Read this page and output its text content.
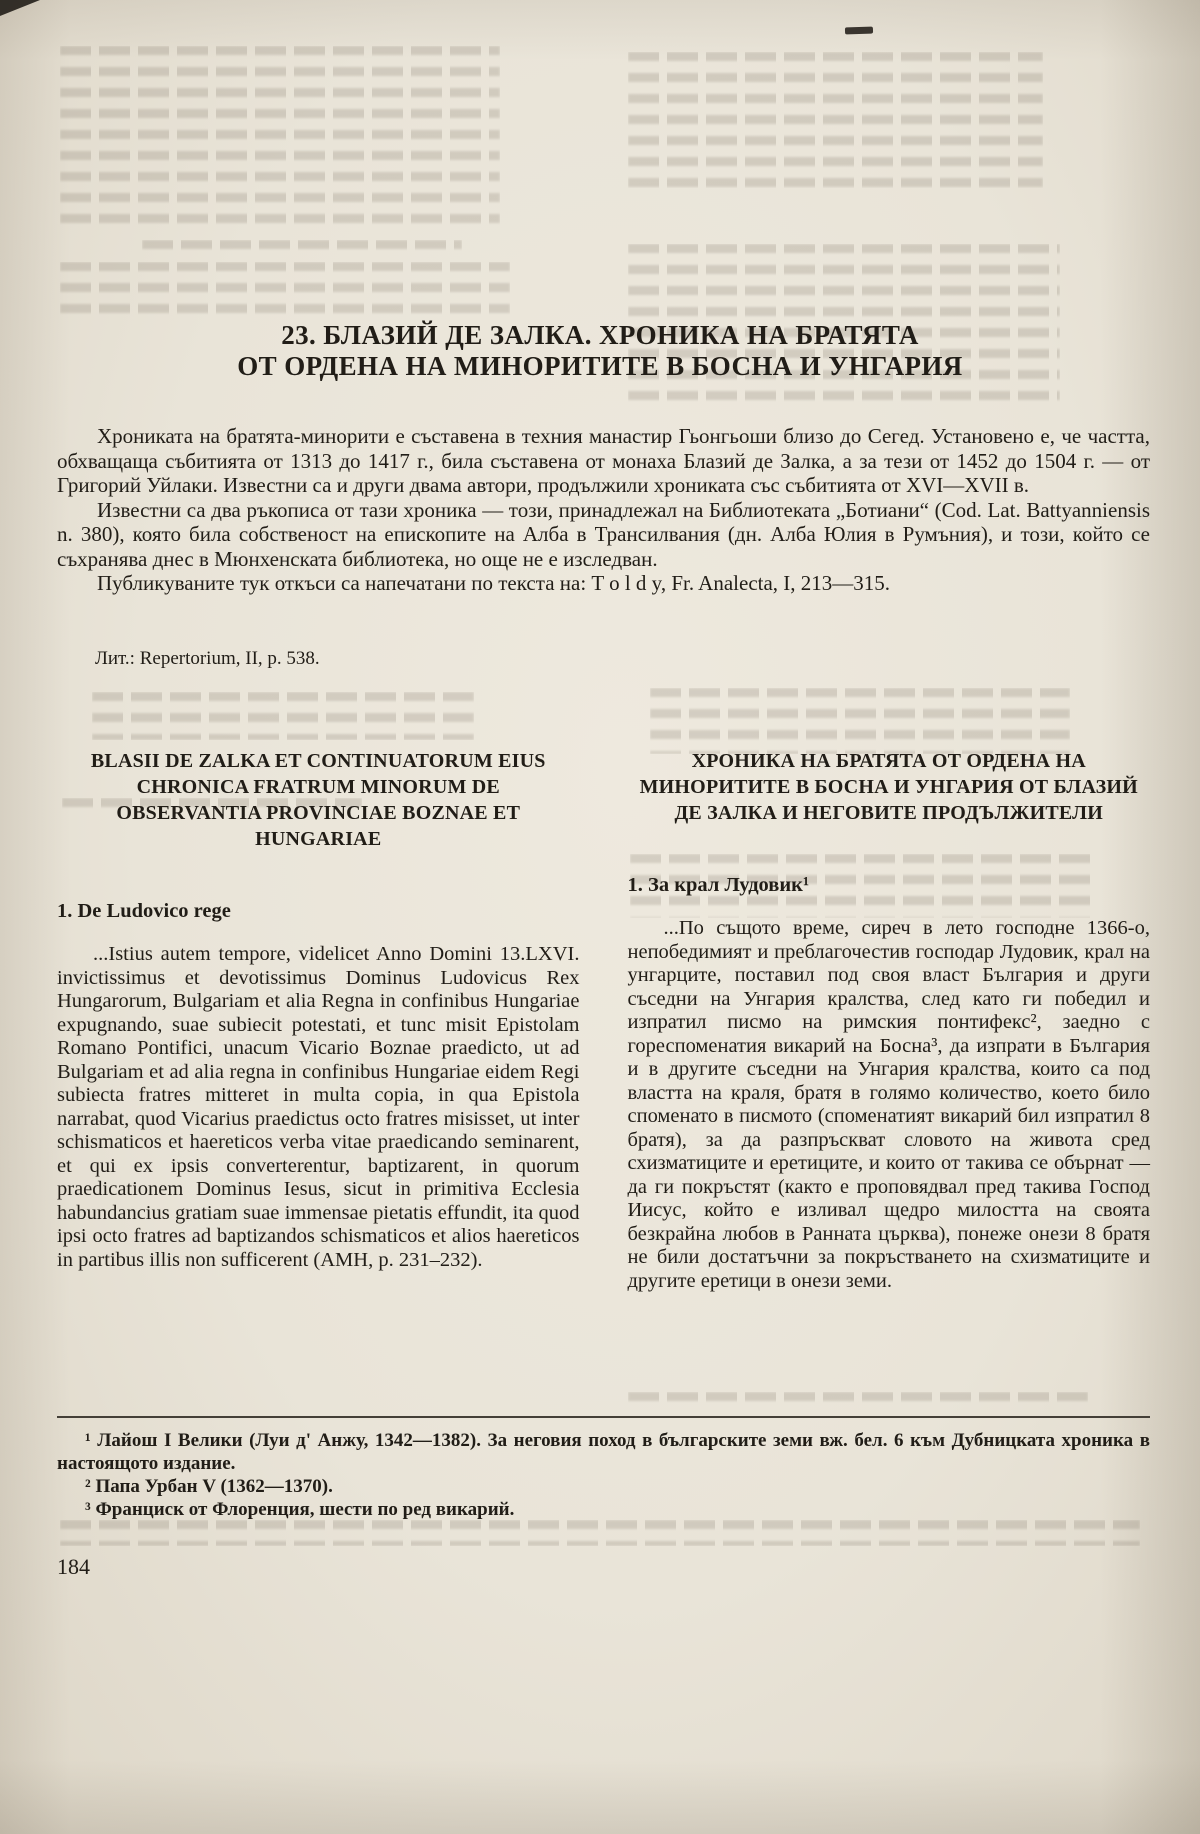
23. БЛАЗИЙ ДЕ ЗАЛКА. ХРОНИКА НА БРАТЯТА
ОТ ОРДЕНА НА МИНОРИТИТЕ В БОСНА И УНГАРИЯ

Хрониката на братята-минорити е съставена в техния манастир Гьонгьоши близо до Сегед. Установено е, че частта, обхващаща събитията от 1313 до 1417 г., била съставена от монаха Блазий де Залка, а за тези от 1452 до 1504 г. — от Григорий Уйлаки. Известни са и други двама автори, продължили хрониката със събитията от XVI—XVII в.

Известни са два ръкописа от тази хроника — този, принадлежал на Библиотеката „Ботиани“ (Cod. Lat. Battyanniensis n. 380), която била собственост на епископите на Алба в Трансилвания (дн. Алба Юлия в Румъния), и този, който се съхранява днес в Мюнхенската библиотека, но още не е изследван.

Публикуваните тук откъси са напечатани по текста на: T o l d y, Fr. Analecta, I, 213—315.

Лит.: Repertorium, II, p. 538.

BLASII DE ZALKA ET CONTINUATORUM EIUS CHRONICA FRATRUM MINORUM DE OBSERVANTIA PROVINCIAE BOZNAE ET HUNGARIAE
1. De Ludovico rege

...Istius autem tempore, videlicet Anno Domini 13.LXVI. invictissimus et devotissimus Dominus Ludovicus Rex Hungarorum, Bulgariam et alia Regna in confinibus Hungariae expugnando, suae subiecit potestati, et tunc misit Epistolam Romano Pontifici, unacum Vicario Boznae praedicto, ut ad Bulgariam et ad alia regna in confinibus Hungariae eidem Regi subiecta fratres mitteret in multa copia, in qua Epistola narrabat, quod Vicarius praedictus octo fratres misisset, ut inter schismaticos et haereticos verba vitae praedicando seminarent, et qui ex ipsis converterentur, baptizarent, in quorum praedicationem Dominus Iesus, sicut in primitiva Ecclesia habundancius gratiam suae immensae pietatis effundit, ita quod ipsi octo fratres ad baptizandos schismaticos et alios haereticos in partibus illis non sufficerent (AMH, p. 231–232).

ХРОНИКА НА БРАТЯТА ОТ ОРДЕНА НА МИНОРИТИТЕ В БОСНА И УНГАРИЯ ОТ БЛАЗИЙ ДЕ ЗАЛКА И НЕГОВИТЕ ПРОДЪЛЖИТЕЛИ
1. За крал Лудовик¹

...По същото време, сиреч в лето господне 1366-о, непобедимият и преблагочестив господар Лудовик, крал на унгарците, поставил под своя власт България и други съседни на Унгария кралства, след като ги победил и изпратил писмо на римския понтифекс², заедно с гореспоменатия викарий на Босна³, да изпрати в България и в другите съседни на Унгария кралства, които са под властта на краля, братя в голямо количество, което било споменато в писмото (споменатият викарий бил изпратил 8 братя), за да разпръскват словото на живота сред схизматиците и еретиците, и които от такива се обърнат — да ги покръстят (както е проповядвал пред такива Господ Иисус, който е изливал щедро милостта на своята безкрайна любов в Ранната църква), понеже онези 8 братя не били достатъчни за покръстването на схизматиците и другите еретици в онези земи.

¹ Лайош I Велики (Луи д' Анжу, 1342—1382). За неговия поход в българските земи вж. бел. 6 към Дубницката хроника в настоящото издание.

² Папа Урбан V (1362—1370).

³ Франциск от Флоренция, шести по ред викарий.

184
